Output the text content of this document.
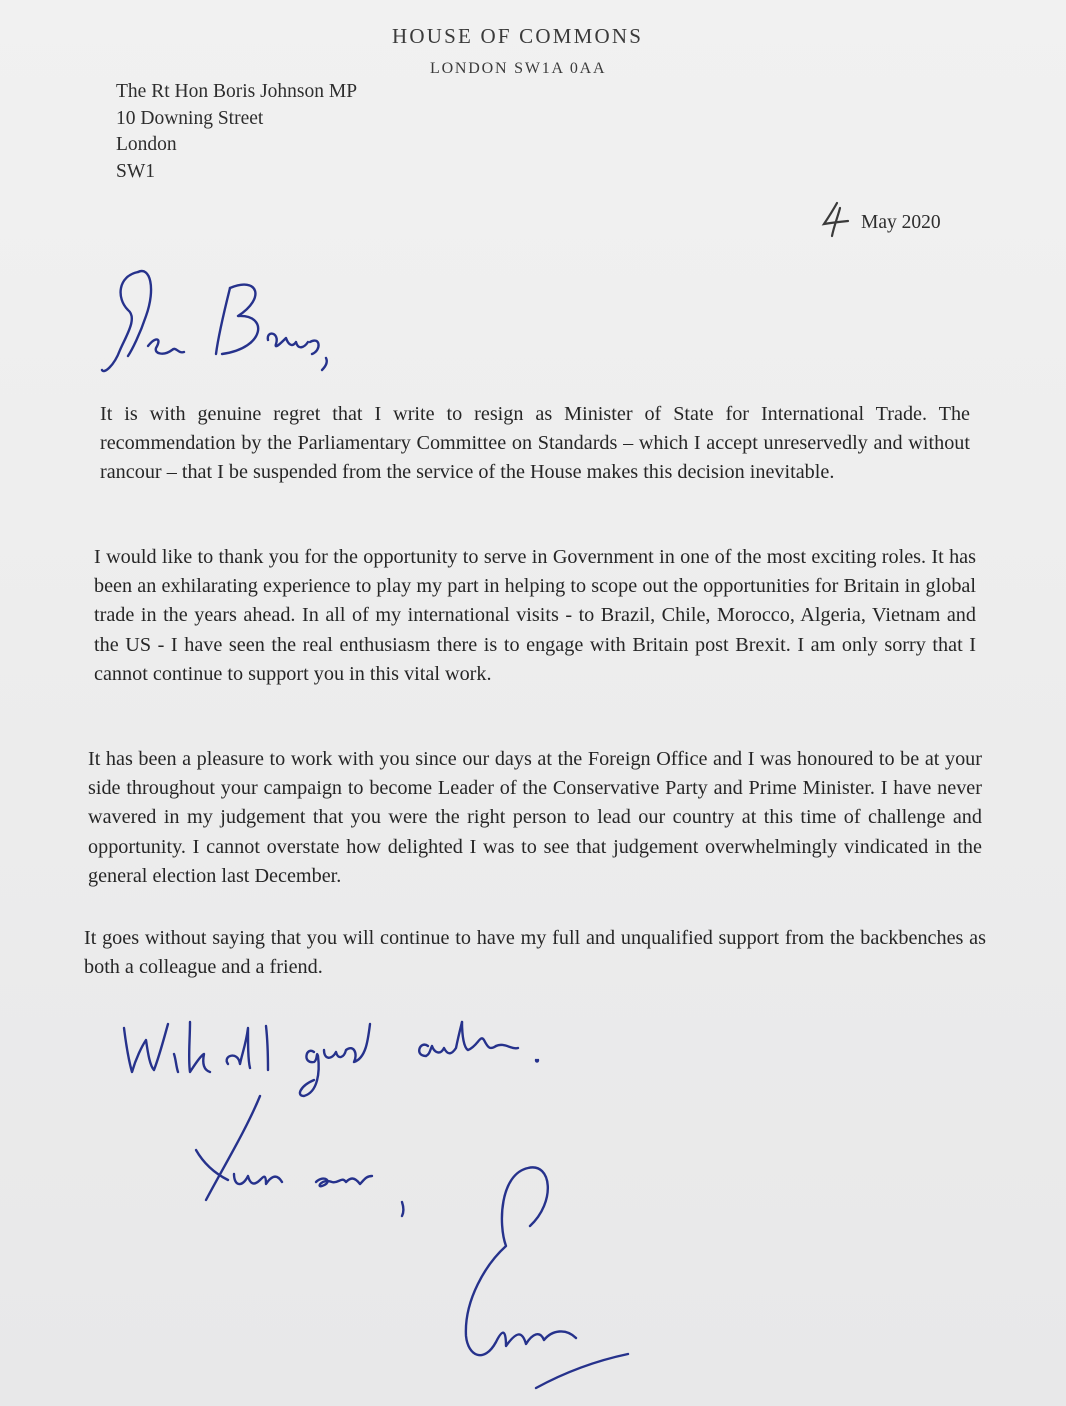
HOUSE OF COMMONS
LONDON SW1A 0AA
The Rt Hon Boris Johnson MP
10 Downing Street
London
SW1
May 2020

It is with genuine regret that I write to resign as Minister of State for International Trade. The recommendation by the Parliamentary Committee on Standards – which I accept unreservedly and without rancour – that I be suspended from the service of the House makes this decision inevitable.

I would like to thank you for the opportunity to serve in Government in one of the most exciting roles. It has been an exhilarating experience to play my part in helping to scope out the opportunities for Britain in global trade in the years ahead. In all of my international visits - to Brazil, Chile, Morocco, Algeria, Vietnam and the US - I have seen the real enthusiasm there is to engage with Britain post Brexit. I am only sorry that I cannot continue to support you in this vital work.

It has been a pleasure to work with you since our days at the Foreign Office and I was honoured to be at your side throughout your campaign to become Leader of the Conservative Party and Prime Minister. I have never wavered in my judgement that you were the right person to lead our country at this time of challenge and opportunity. I cannot overstate how delighted I was to see that judgement overwhelmingly vindicated in the general election last December.

It goes without saying that you will continue to have my full and unqualified support from the backbenches as both a colleague and a friend.
